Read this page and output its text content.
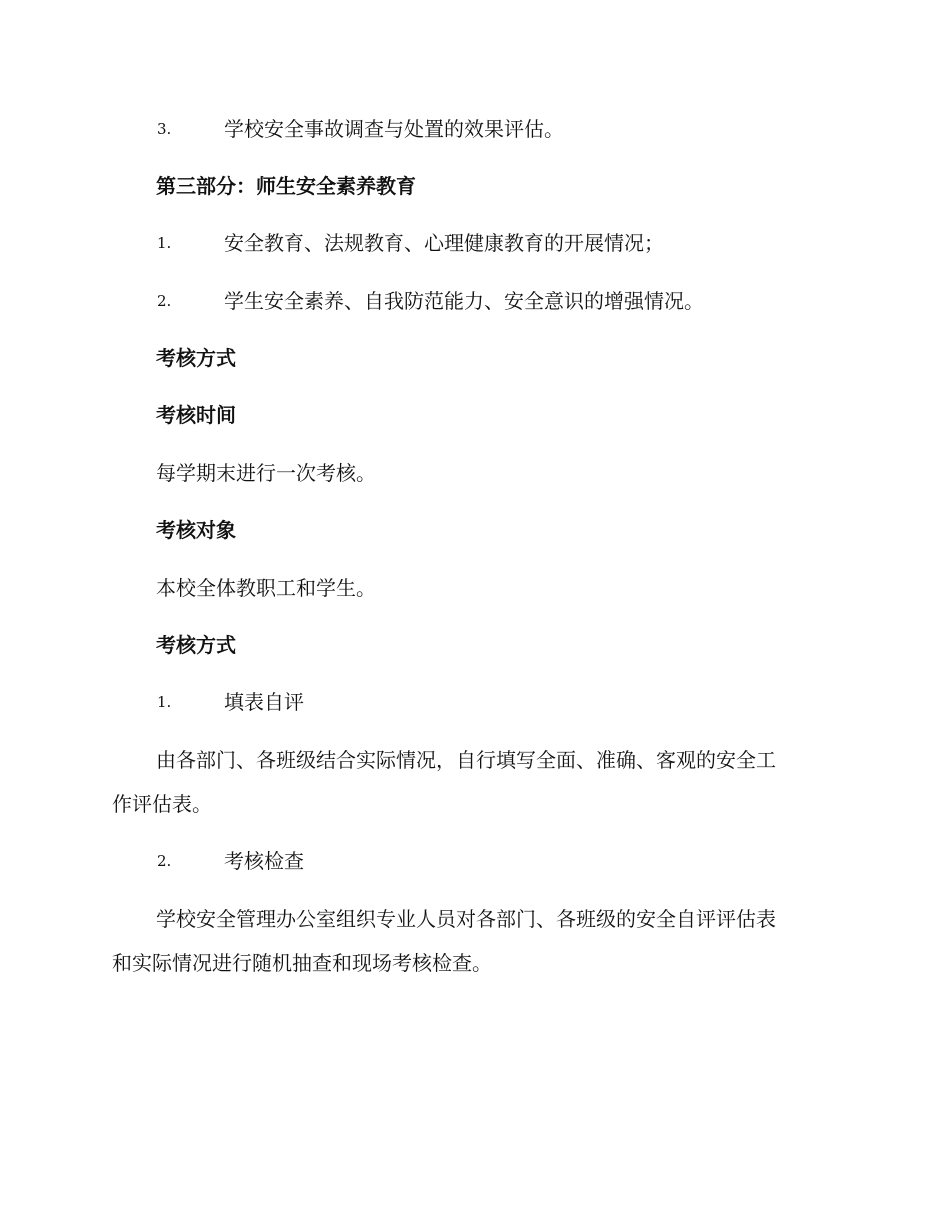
3.	学校安全事故调查与处置的效果评估。
第三部分：师生安全素养教育
1.	安全教育、法规教育、心理健康教育的开展情况；
2.	学生安全素养、自我防范能力、安全意识的增强情况。
考核方式
考核时间
每学期末进行一次考核。
考核对象
本校全体教职工和学生。
考核方式
1.	填表自评
由各部门、各班级结合实际情况，自行填写全面、准确、客观的安全工
作评估表。
2.	考核检查
学校安全管理办公室组织专业人员对各部门、各班级的安全自评评估表
和实际情况进行随机抽查和现场考核检查。
